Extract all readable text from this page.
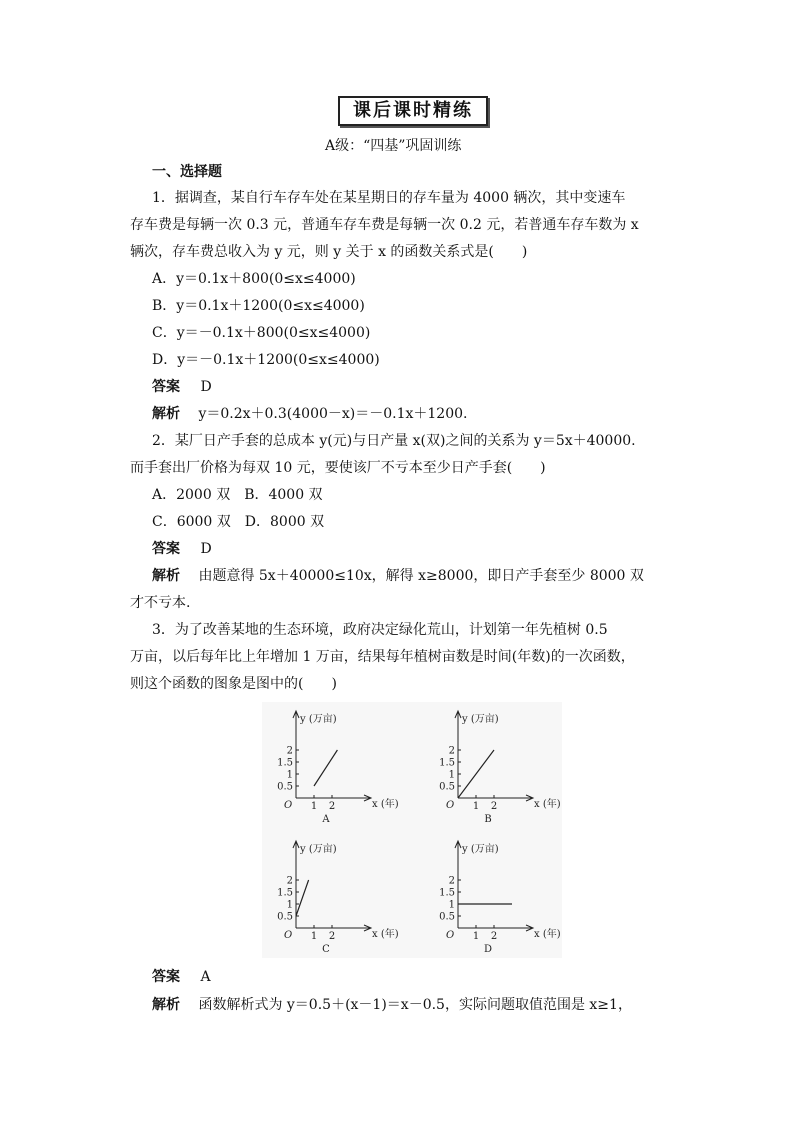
课后课时精练
A级：“四基”巩固训练
一、选择题
1．据调查，某自行车存车处在某星期日的存车量为 4000 辆次，其中变速车
存车费是每辆一次 0.3 元，普通车存车费是每辆一次 0.2 元，若普通车存车数为 x
辆次，存车费总收入为 y 元，则 y 关于 x 的函数关系式是(　　)
A．y＝0.1x＋800(0≤x≤4000)
B．y＝0.1x＋1200(0≤x≤4000)
C．y＝－0.1x＋800(0≤x≤4000)
D．y＝－0.1x＋1200(0≤x≤4000)
答案 D
解析 y＝0.2x＋0.3(4000－x)＝－0.1x＋1200.
2．某厂日产手套的总成本 y(元)与日产量 x(双)之间的关系为 y＝5x＋40000.
而手套出厂价格为每双 10 元，要使该厂不亏本至少日产手套(　　)
A．2000 双　B．4000 双
C．6000 双　D．8000 双
答案 D
解析 由题意得 5x＋40000≤10x，解得 x≥8000，即日产手套至少 8000 双
才不亏本.
3．为了改善某地的生态环境，政府决定绿化荒山，计划第一年先植树 0.5
万亩，以后每年比上年增加 1 万亩，结果每年植树亩数是时间(年数)的一次函数，
则这个函数的图象是图中的(　　)
y (万亩)
x (年)
O
2
1.5
1
0.5
1 2
A
y (万亩)
x (年)
O
2
1.5
1
0.5
1 2
B
y (万亩)
x (年)
O
2
1.5
1
0.5
1 2
C
y (万亩)
x (年)
O
2
1.5
1
0.5
1 2
D
答案 A
解析 函数解析式为 y＝0.5＋(x－1)＝x－0.5，实际问题取值范围是 x≥1，
